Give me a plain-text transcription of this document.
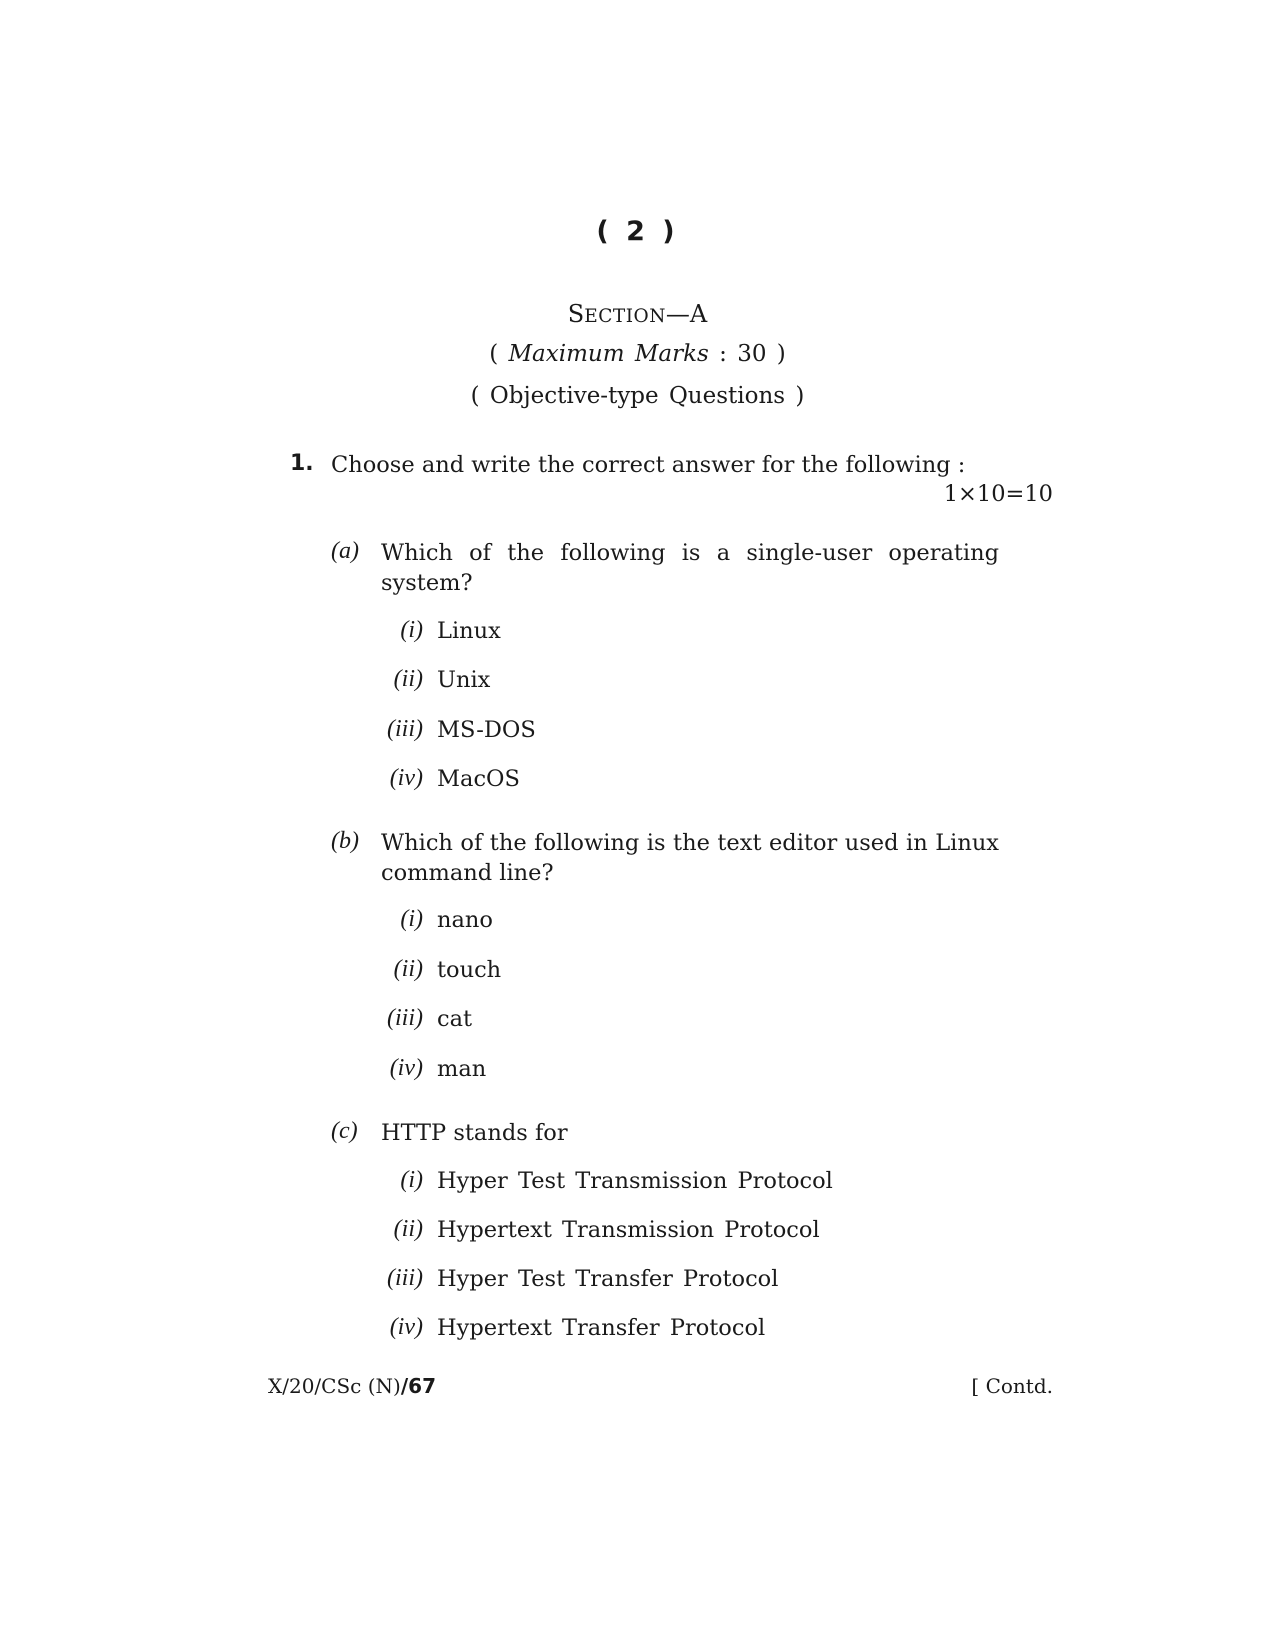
( 2 )
SECTION—A
( Maximum Marks : 30 )
( Objective-type Questions )
1. Choose and write the correct answer for the following :
1×10=10
(a) Which of the following is a single-user operating system?
(i) Linux
(ii) Unix
(iii) MS-DOS
(iv) MacOS
(b) Which of the following is the text editor used in Linux command line?
(i) nano
(ii) touch
(iii) cat
(iv) man
(c) HTTP stands for
(i) Hyper Test Transmission Protocol
(ii) Hypertext Transmission Protocol
(iii) Hyper Test Transfer Protocol
(iv) Hypertext Transfer Protocol
X/20/CSc (N)/67	[ Contd.
